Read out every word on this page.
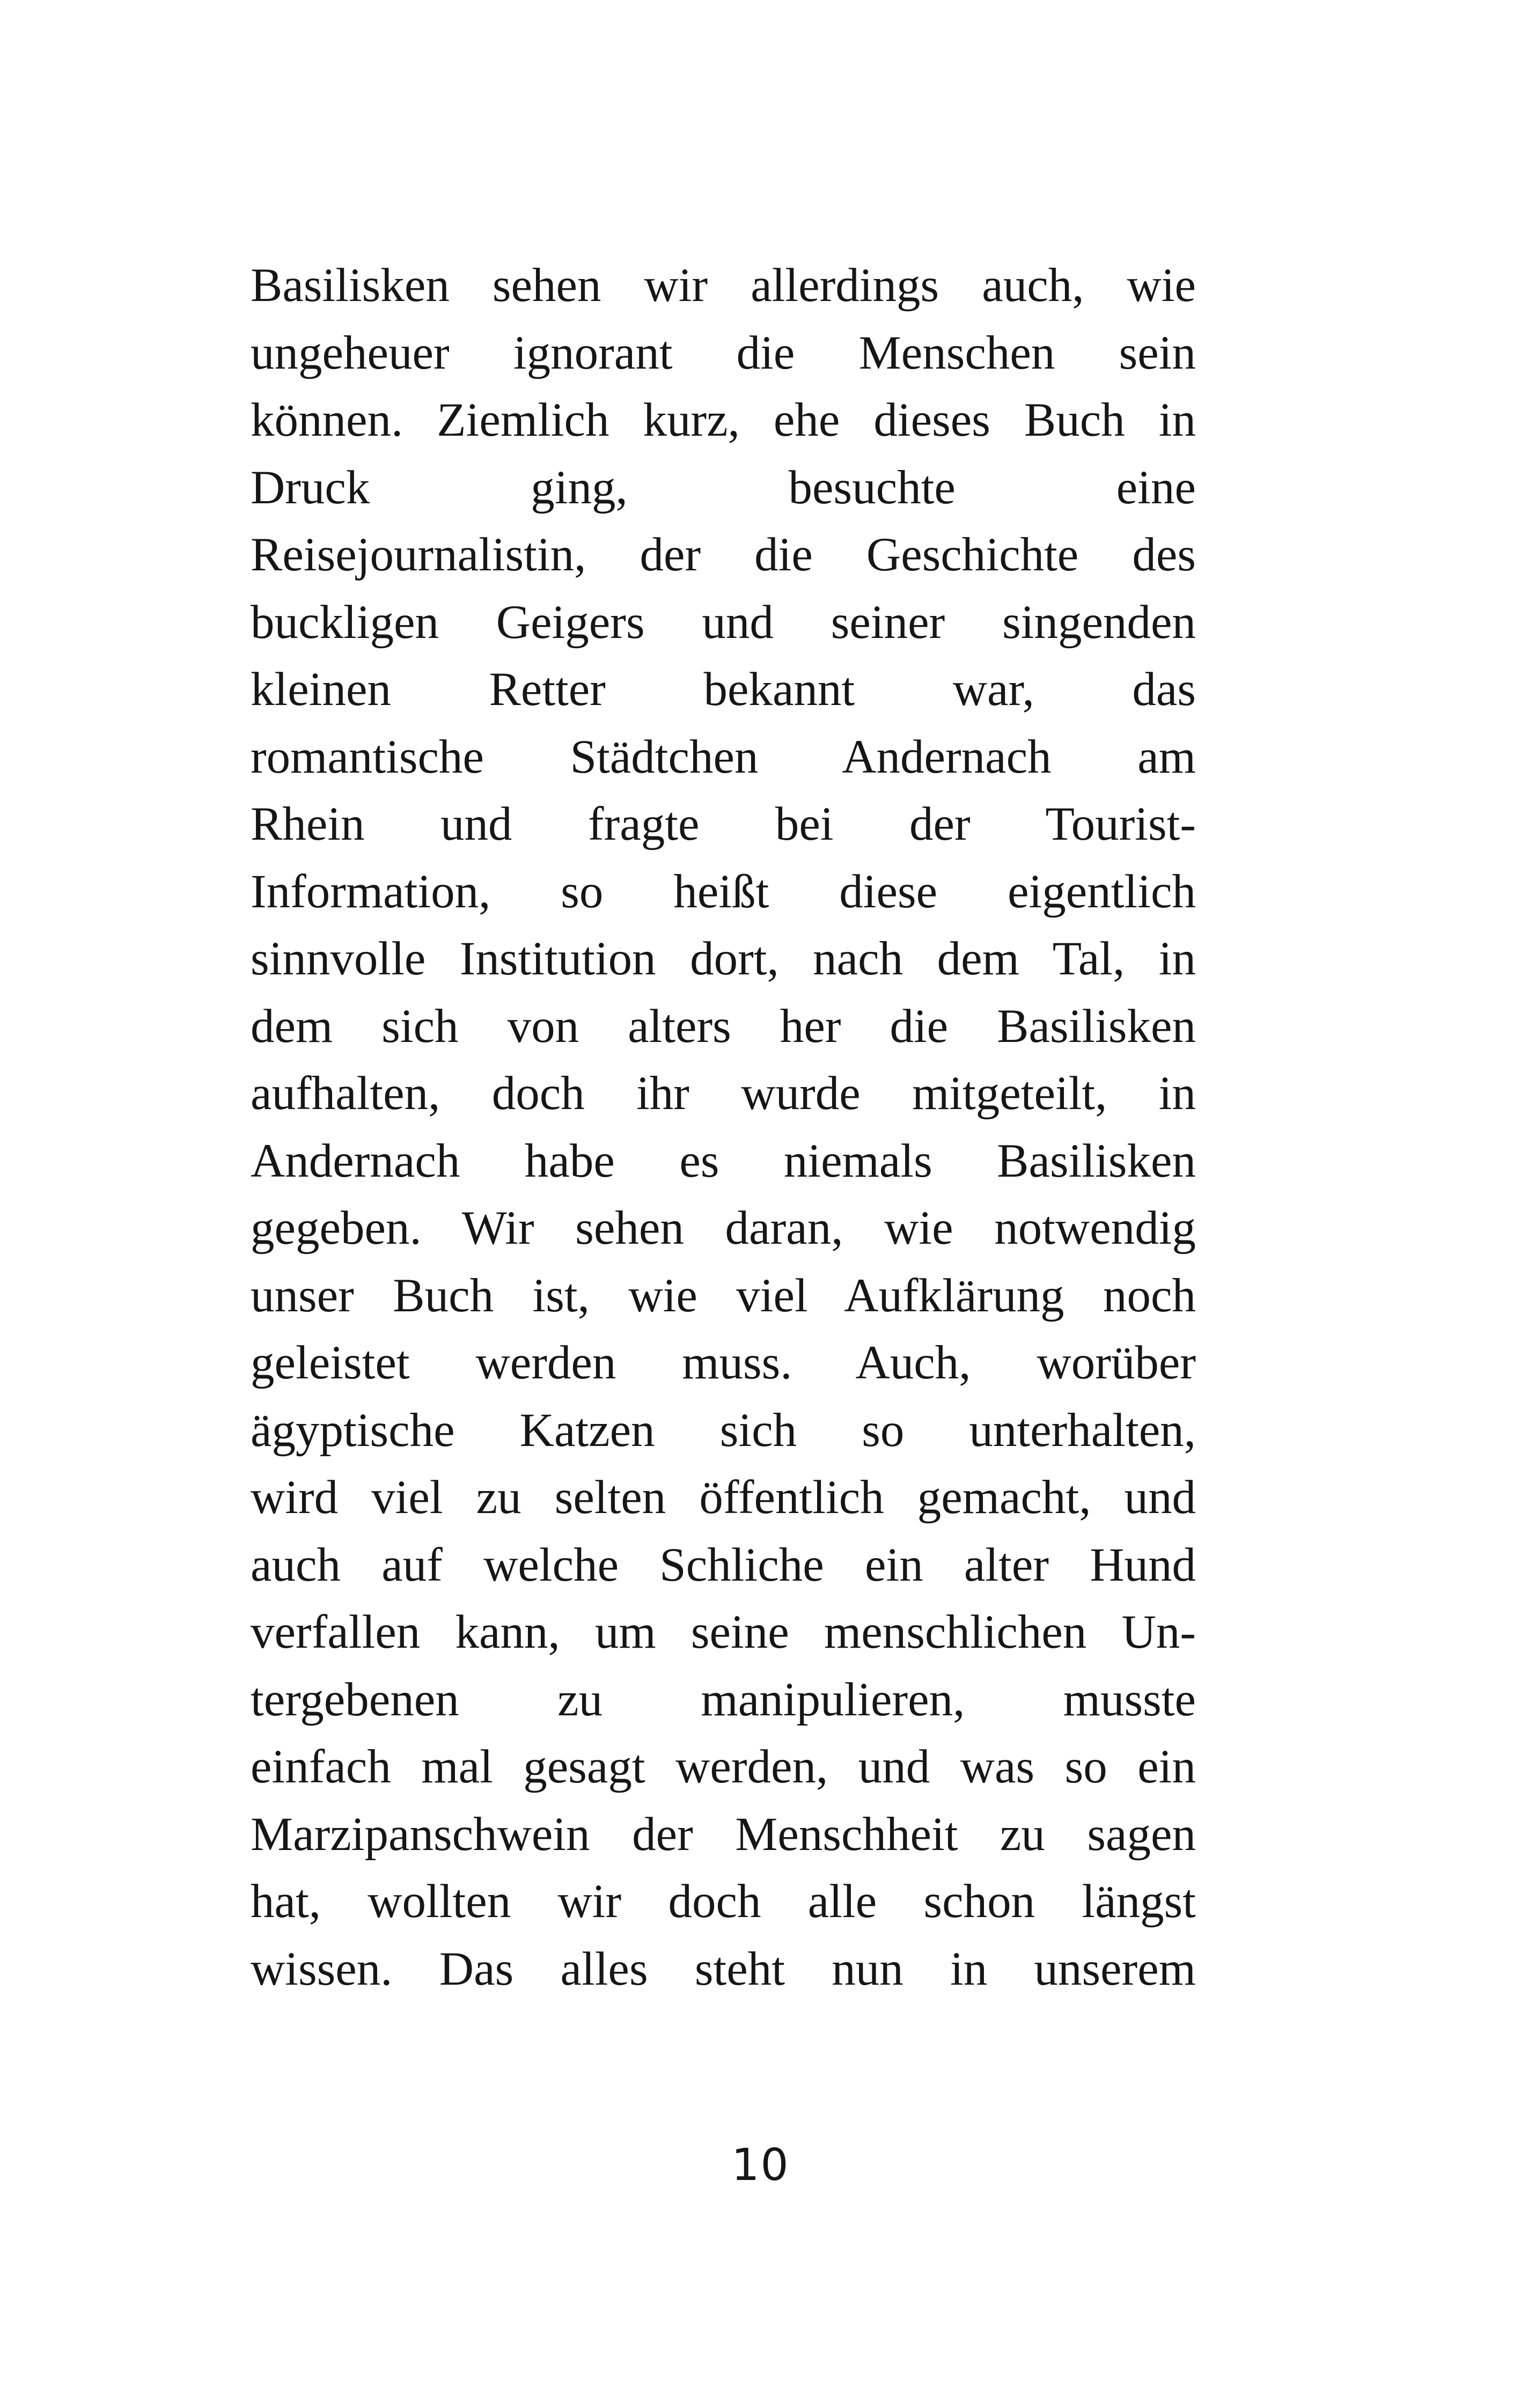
Basilisken sehen wir allerdings auch, wie
ungeheuer ignorant die Menschen sein
können. Ziemlich kurz, ehe dieses Buch in
Druck ging, besuchte eine
Reisejournalistin, der die Geschichte des
buckligen Geigers und seiner singenden
kleinen Retter bekannt war, das
romantische Städtchen Andernach am
Rhein und fragte bei der Tourist-
Information, so heißt diese eigentlich
sinnvolle Institution dort, nach dem Tal, in
dem sich von alters her die Basilisken
aufhalten, doch ihr wurde mitgeteilt, in
Andernach habe es niemals Basilisken
gegeben. Wir sehen daran, wie notwendig
unser Buch ist, wie viel Aufklärung noch
geleistet werden muss. Auch, worüber
ägyptische Katzen sich so unterhalten,
wird viel zu selten öffentlich gemacht, und
auch auf welche Schliche ein alter Hund
verfallen kann, um seine menschlichen Un-
tergebenen zu manipulieren, musste
einfach mal gesagt werden, und was so ein
Marzipanschwein der Menschheit zu sagen
hat, wollten wir doch alle schon längst
wissen. Das alles steht nun in unserem
10
